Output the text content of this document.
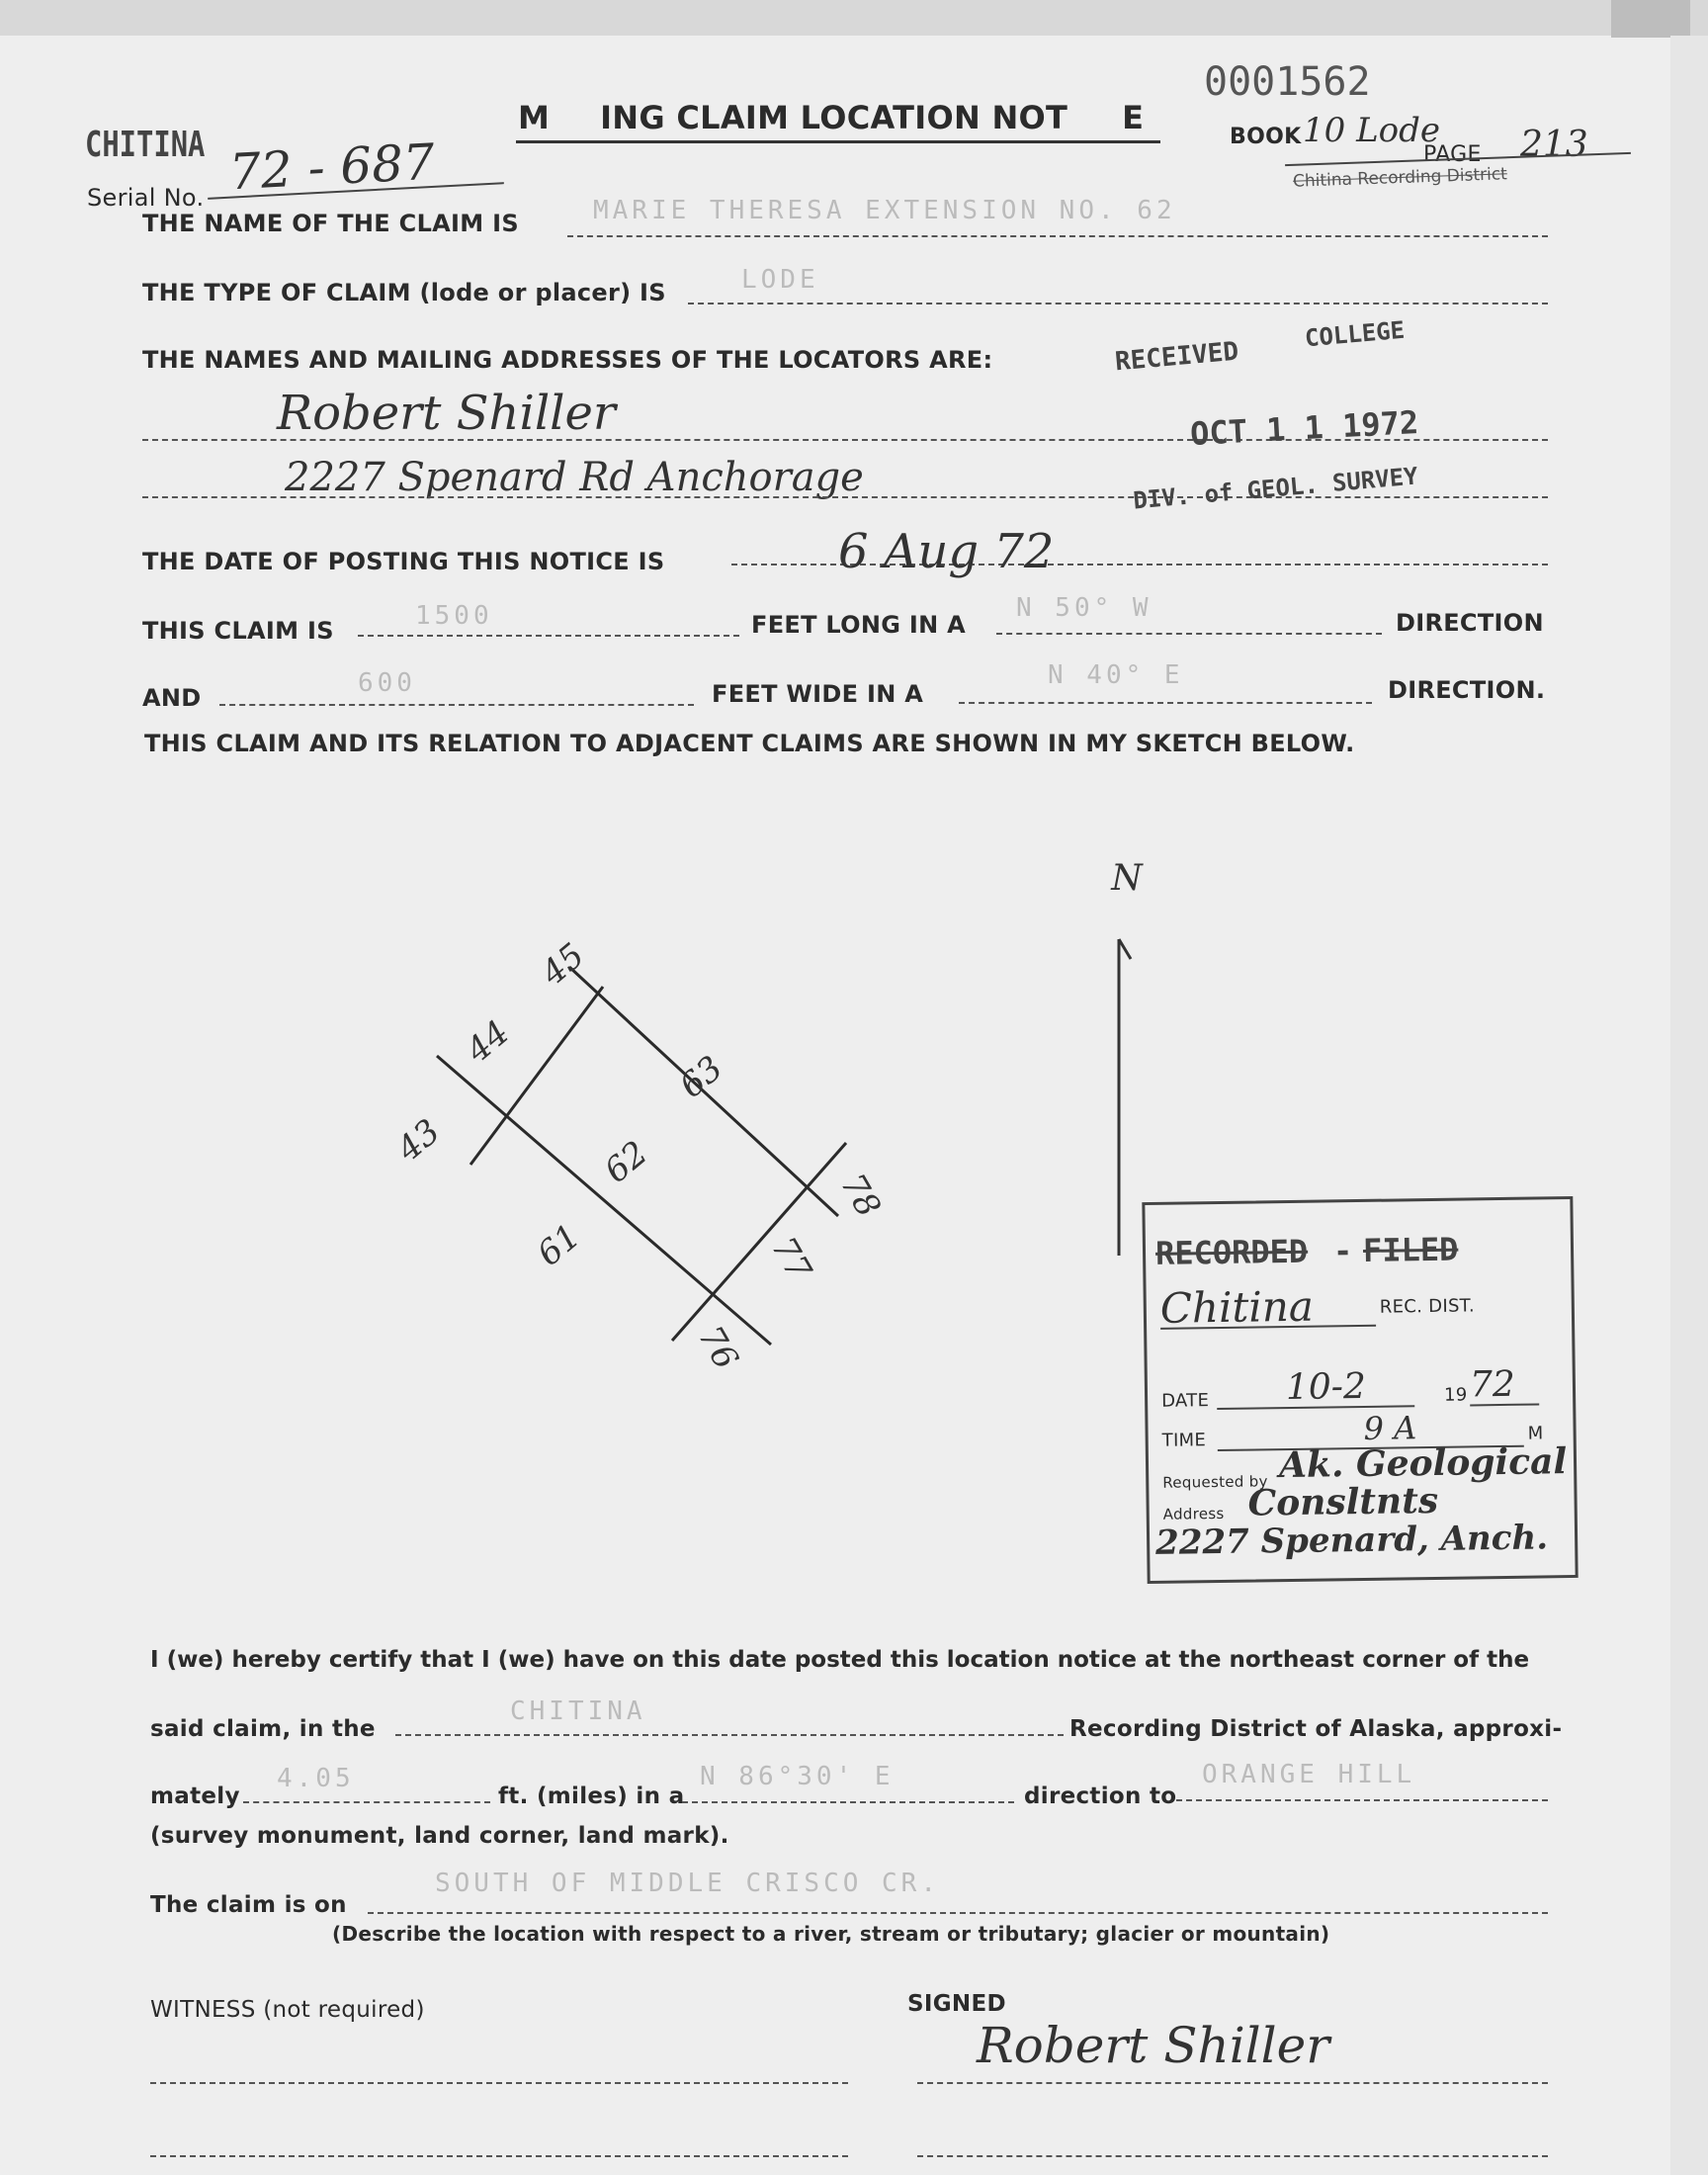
CHITINA
Serial No. 72 - 687
M ING CLAIM LOCATION NOT E
0001562
BOOK 10 Lode
PAGE 213
Chitina Recording District
THE NAME OF THE CLAIM IS	MARIE THERESA EXTENSION NO. 62
THE TYPE OF CLAIM (lode or placer) IS	LODE
THE NAMES AND MAILING ADDRESSES OF THE LOCATORS ARE:	RECEIVED
COLLEGE
Robert Shiller	OCT 1 1 1972
2227 Spenard Rd Anchorage	DIV. of GEOL. SURVEY
THE DATE OF POSTING THIS NOTICE IS	6 Aug 72
THIS CLAIM IS	1500	FEET LONG IN A
N 50° W	DIRECTION
AND	600	FEET WIDE IN A
N 40° E	DIRECTION.
THIS CLAIM AND ITS RELATION TO ADJACENT CLAIMS ARE SHOWN IN MY SKETCH BELOW.
45
44
43
63
62
61
78
77
76
N
RECORDED - FILED
Chitina	REC. DIST.
DATE 10-2	19 72
TIME	9 A	M
Requested by Ak. Geological
Address Consltnts
2227 Spenard, Anch.
I (we) hereby certify that I (we) have on this date posted this location notice at the northeast corner of the
said claim, in the
CHITINA
Recording District of Alaska, approxi-
mately
4.05
ft. (miles) in a
N 86°30' E
direction to
ORANGE HILL
(survey monument, land corner, land mark).
The claim is on
SOUTH OF MIDDLE CRISCO CR.
(Describe the location with respect to a river, stream or tributary; glacier or mountain)
WITNESS (not required)	SIGNED
Robert Shiller
